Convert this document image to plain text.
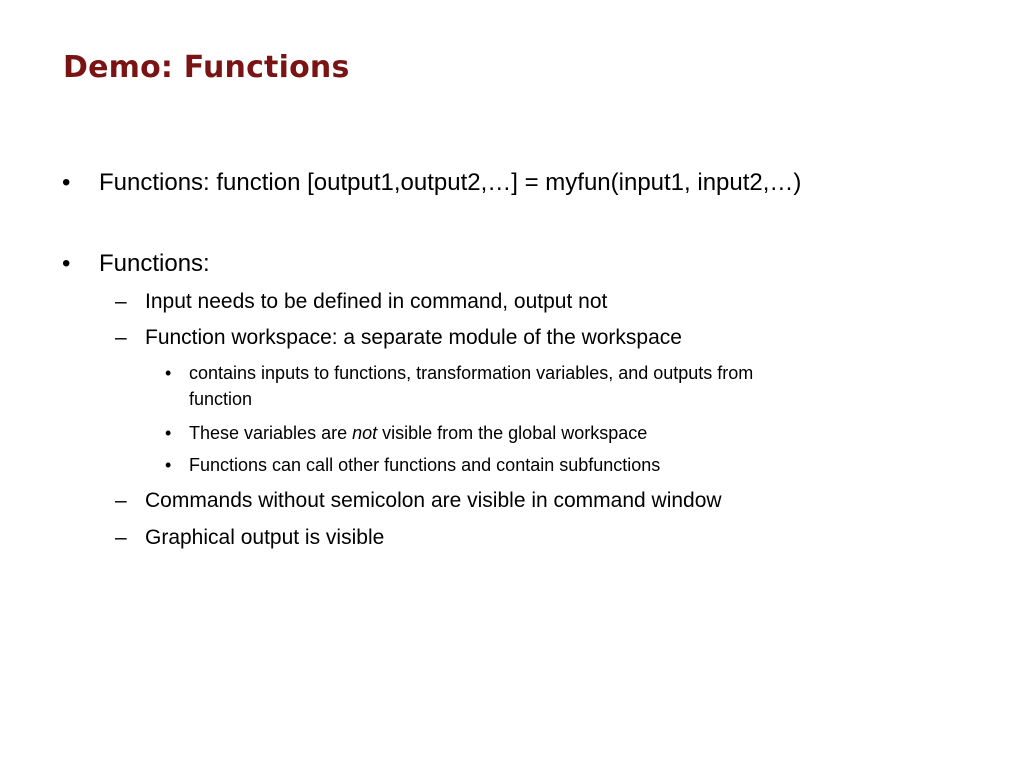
Demo: Functions
• Functions: function [output1,output2,…] = myfun(input1, input2,…)
• Functions:
– Input needs to be defined in command, output not
– Function workspace: a separate module of the workspace
• contains inputs to functions, transformation variables, and outputs from
function
• These variables are not visible from the global workspace
• Functions can call other functions and contain subfunctions
– Commands without semicolon are visible in command window
– Graphical output is visible
